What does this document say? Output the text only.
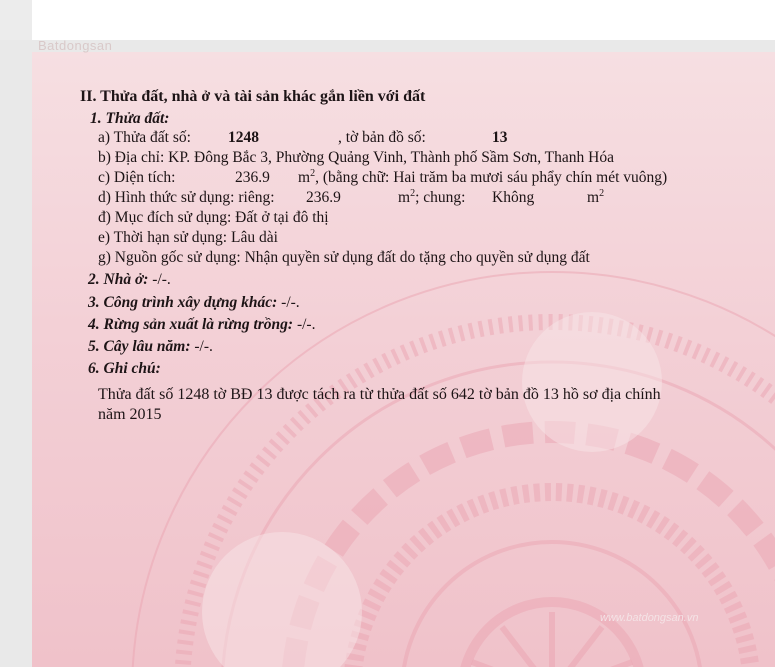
II. Thửa đất, nhà ở và tài sản khác gắn liền với đất
1. Thửa đất:
a) Thửa đất số: 1248	, tờ bản đồ số:	13
b) Địa chỉ: KP. Đông Bắc 3, Phường Quảng Vinh, Thành phố Sầm Sơn, Thanh Hóa
c) Diện tích:	236.9 $m^2$, (bằng chữ: Hai trăm ba mươi sáu phẩy chín mét vuông)
d) Hình thức sử dụng: riêng: 236.9	$m^2$; chung: Không	$m^2$
đ) Mục đích sử dụng: Đất ở tại đô thị
e) Thời hạn sử dụng: Lâu dài
g) Nguồn gốc sử dụng: Nhận quyền sử dụng đất do tặng cho quyền sử dụng đất
2. Nhà ở: -/-.
3. Công trình xây dựng khác: -/-.
4. Rừng sản xuất là rừng trồng: -/-.
5. Cây lâu năm: -/-.
6. Ghi chú:
Thửa đất số 1248 tờ BĐ 13 được tách ra từ thửa đất số 642 tờ bản đồ 13 hồ sơ địa chính
năm 2015
Batdongsan
www.batdongsan.vn
